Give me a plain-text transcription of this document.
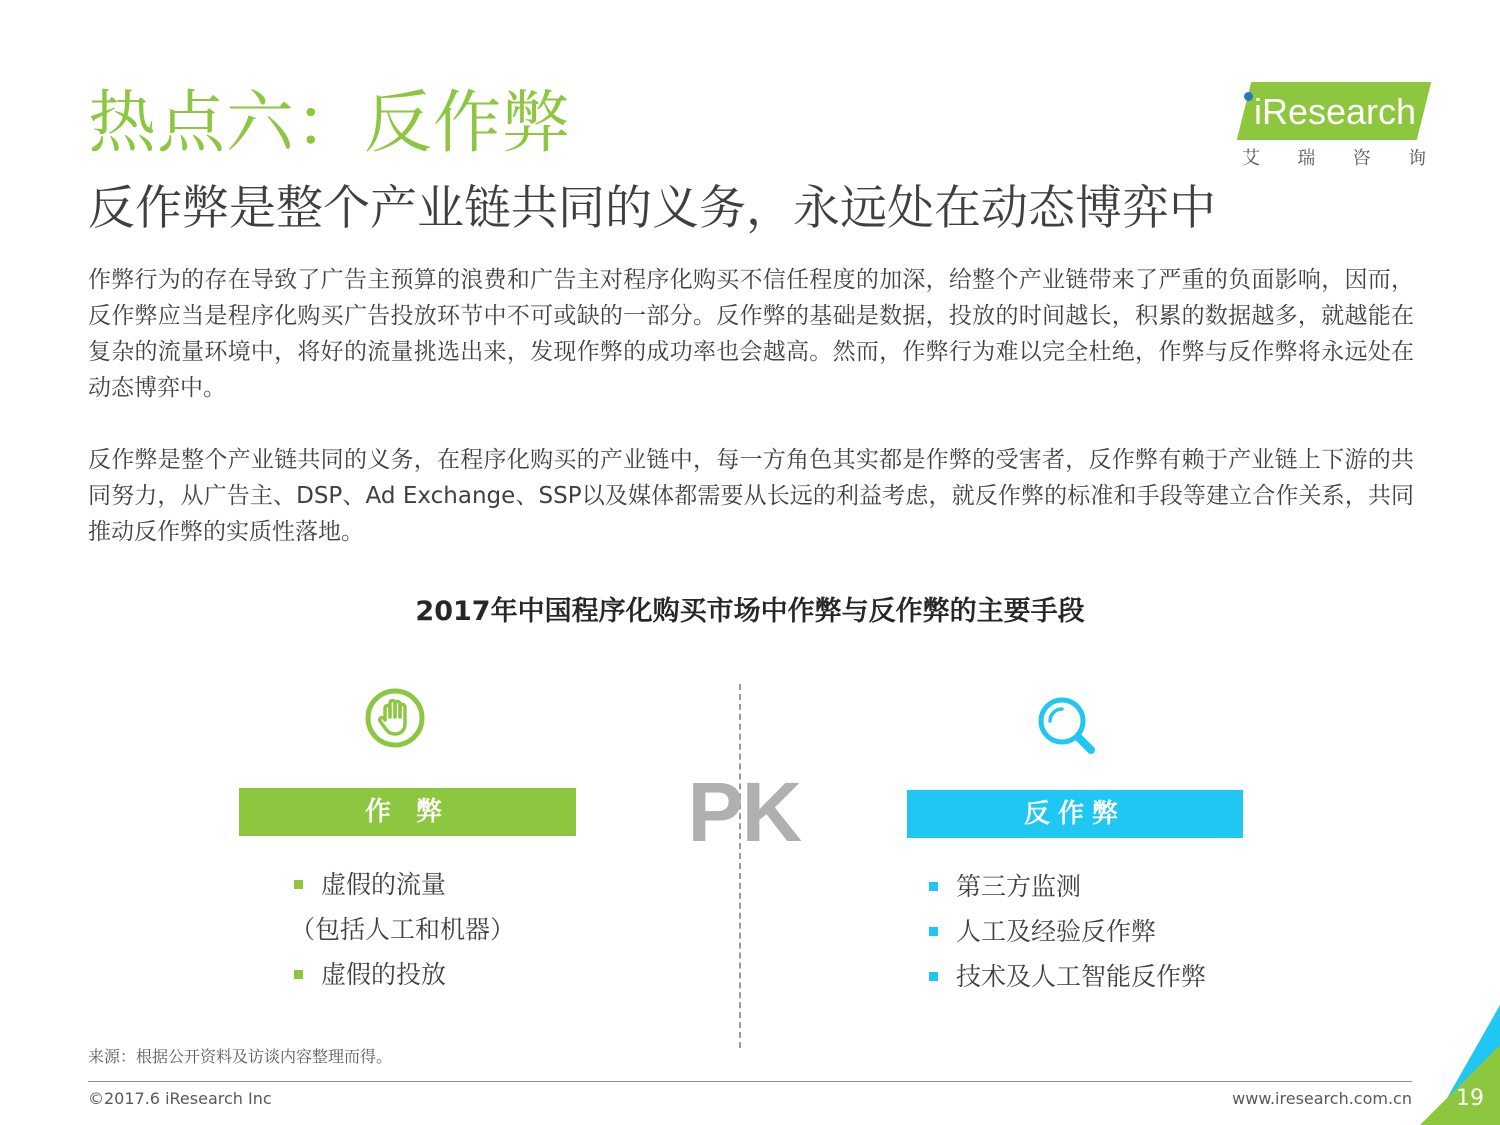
热点六：反作弊
反作弊是整个产业链共同的义务，永远处在动态博弈中
iResearch
艾 瑞 咨 询
作弊行为的存在导致了广告主预算的浪费和广告主对程序化购买不信任程度的加深，给整个产业链带来了严重的负面影响，因而，反作弊应当是程序化购买广告投放环节中不可或缺的一部分。反作弊的基础是数据，投放的时间越长，积累的数据越多，就越能在复杂的流量环境中，将好的流量挑选出来，发现作弊的成功率也会越高。然而，作弊行为难以完全杜绝，作弊与反作弊将永远处在动态博弈中。
反作弊是整个产业链共同的义务，在程序化购买的产业链中，每一方角色其实都是作弊的受害者，反作弊有赖于产业链上下游的共同努力，从广告主、DSP、Ad Exchange、SSP以及媒体都需要从长远的利益考虑，就反作弊的标准和手段等建立合作关系，共同推动反作弊的实质性落地。
2017年中国程序化购买市场中作弊与反作弊的主要手段
PK
作 弊	反作弊
虚假的流量
（包括人工和机器）
虚假的投放
第三方监测
人工及经验反作弊
技术及人工智能反作弊
来源：根据公开资料及访谈内容整理而得。
©2017.6 iResearch Inc	www.iresearch.com.cn 19
